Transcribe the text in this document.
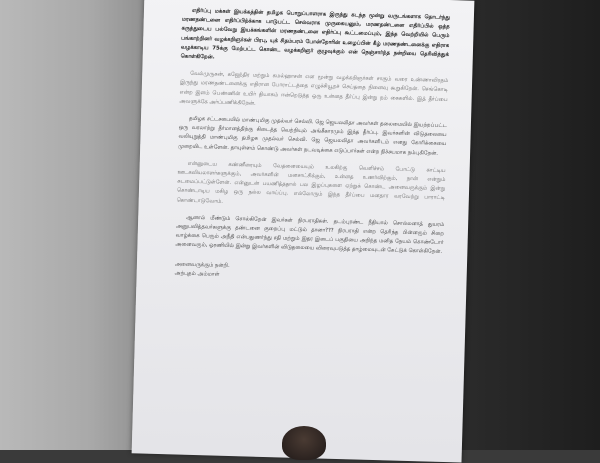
எதிர்ப்பு மக்கள் இயக்கத்தின் தமிழக பொறுப்பாளராக இருந்து கடந்த மூன்று வருடங்களாக தொடர்ந்து மரணதண்டனை எதிர்ப்பிற்க்காக பாடுபட்ட செல்வராக முருகையனும், மரணதண்டனை எதிர்ப்பில் ஒத்த கருத்துடைய பல்வேறு இயக்கங்களின் மரணதண்டனை எதிர்ப்பு கூட்டமைப்பும், இந்த வெற்றியில் பெரும் பங்காற்றினர் வழக்கறிஞர்கள் பிரபு, யுக் சிதம்பரம் போன்றோரின் உழைப்பின் கீழ் மரணதண்டனைக்கு எதிராக வழக்காடிய 75க்கு மேற்பட்ட கொண்ட வழக்கறிஞர் குழுவுக்கும் என் நெஞ்சார்ந்த நன்றியை தெரிவித்துக் கொள்கிறேன்.

வேல்முருகன், கஜேந்திர மற்றும் கமல்ஹாசன் என மூன்று வழக்கறிஞர்கள் சாகும் வரை உண்ணாவிரதம் இருந்து மரணதண்டனைக்கு எதிரான போராட்டத்தை எழுச்சியூறச் செய்ததை நினைவு கூறுகிறேன். செங்கொடி என்ற இளம் பெண்ணின் உயிர் தியாகம் ஈன்றெடுத்த ஒரு உன்னத தீர்ப்பு இன்று நம் கைகளில். இத் தீர்ப்பை அவளுக்கே அர்ப்பணிக்கிறேன்.

தமிழக சட்டசபையில் மாண்புமிகு முதல்வர் செல்வி. ஜெ ஜெயலலிதா அவர்கள் தலைமையில் இயற்றப்பட்ட ஒரு வரலாற்று தீர்மானத்திற்கு கிடைத்த வெற்றியும் அங்கீகாரமும் இந்த தீர்ப்பு. இவர்களின் விடுதலையை வலியுறுத்தி மாண்புமிகு தமிழக முதல்வர் செல்வி. ஜெ ஜெயலலிதா அவர்களிடம் எனது கோரிக்கையை முறையிட உள்ளேன். தாயுள்ளம் கொண்டு அவர்கள் நடவடிக்கை எடுப்பார்கள் என்ற நிச்சயமாக நம்புகிறேன்.

என்னுடைய கண்ணீரையும் வேதனையையும் உலகிற்கு வெளிச்சம் போட்டு காட்டிய ஊடகவியலாளர்களுக்கும், அவர்களின் மனசாட்சிக்கும், உன்னத உணர்விற்கும், நான் என்றும் கடமைப்பட்டுள்ளேன். என்னுடன் பயணித்ததால் பல இழப்புகளை ஏற்றுக் கொண்ட அனைவருக்கும் இன்று கொண்டாடிய மகிழ ஒரு நல்ல வாய்ப்பு. எல்லோரும் இந்த தீர்ப்பை மனதார வரவேற்று பாராட்டி கொண்டாடுவோம்.

ஆனால் மீண்டும் சொல்கிறேன் இவர்கள் நிரபராதிகள். தடம்புரண்ட நீதியால் சொல்லனாத் துயரம் அனுபவித்தவர்களுக்கு தண்டனை குறைப்பு மட்டும் தானா??? நிரபராதி என்ற தெரிந்த பின்னரும் சிறை வாழ்க்கை பெரும் அநீதி என்பதுணர்ந்து சதி மற்றும் இதர இடைப் பகுதியை அறிந்த மனித நேயம் கொண்டோர் அனைவரும், ஒரணியில் இன்று இவர்களின் விடுதலையை விரைவுபடுத்த தாழ்மையுடன் கேட்டுக் கொள்கிறேன்.

அனைவருக்கும் நன்றி.
அற்புதம் அம்மாள்
